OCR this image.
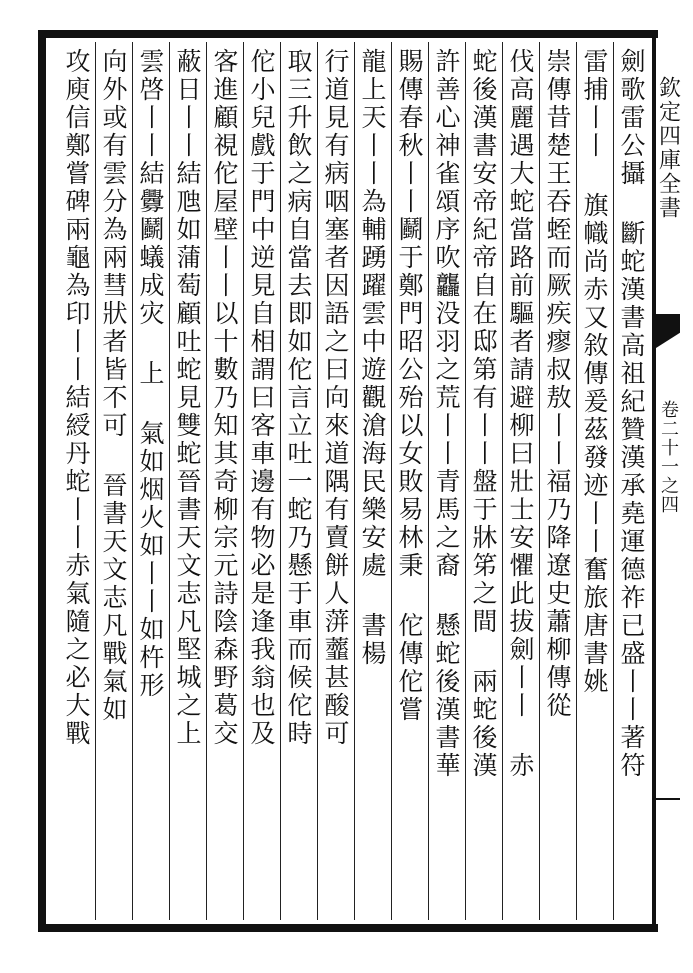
欽定四庫全書
卷二十一之四
劍歌雷公攝 斷蛇漢書高祖紀贊漢承堯運德祚已盛丨丨著符
雷捕丨丨 旗幟尚赤又敘傳爰茲發迹丨丨奮旅唐書姚
崇傳昔楚王吞蛭而厥疾瘳叔敖丨丨福乃降遼史蕭柳傳從
伐高麗遇大蛇當路前驅者請避柳曰壯士安懼此拔劍丨丨 赤
蛇後漢書安帝紀帝自在邸第有丨丨盤于牀笫之間 兩蛇後漢
許善心神雀頌序吹龘没羽之荒丨丨青馬之裔 懸蛇後漢書華
賜傳春秋丨丨鬬于鄭門昭公殆以女敗易林秉 佗傳佗嘗
龍上天丨丨為輔踴躍雲中遊觀滄海民樂安處 書楊
行道見有病咽塞者因語之曰向來道隅有賣餅人蓱虀甚酸可
取三升飲之病自當去即如佗言立吐一蛇乃懸于車而候佗時
佗小兒戲于門中逆見自相謂曰客車邊有物必是逢我翁也及
客進顧視佗屋壁丨丨以十數乃知其奇柳宗元詩陰森野葛交
蔽日丨丨結虺如蒲萄顧吐蛇見雙蛇晉書天文志凡堅城之上
雲啓丨丨結釁鬬蟻成灾 上 氣如烟火如丨丨如杵形
向外或有雲分為兩彗狀者皆不可 晉書天文志凡戰氣如
攻庾信鄭嘗碑兩龜為印丨丨結綬丹蛇丨丨赤氣隨之必大戰
